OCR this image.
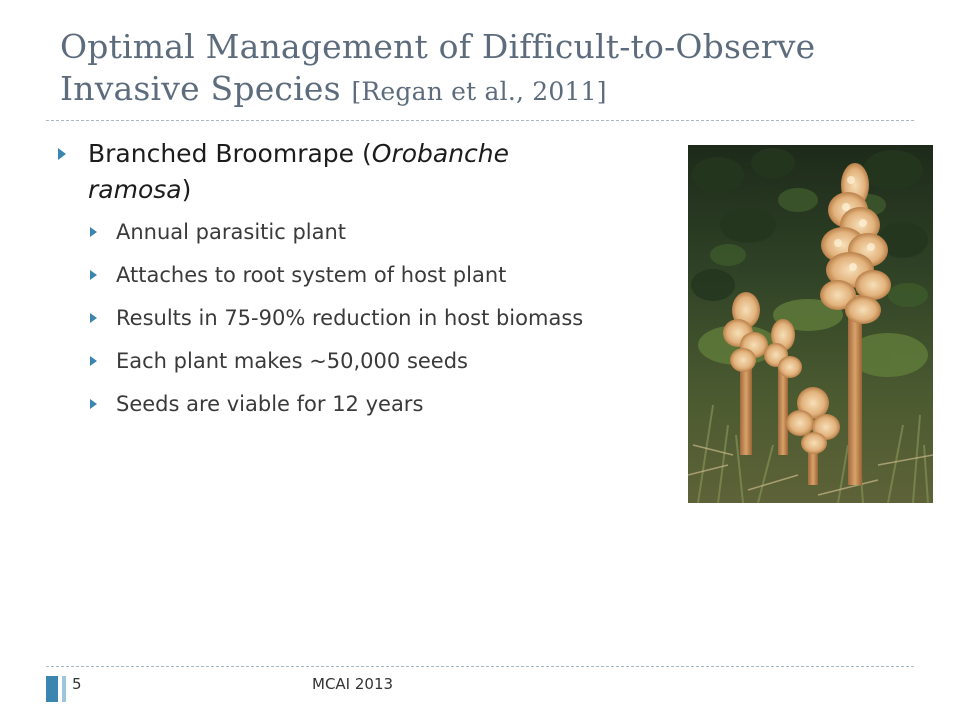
Optimal Management of Difficult-to-Observe Invasive Species [Regan et al., 2011]
Branched Broomrape (Orobanche ramosa)
Annual parasitic plant
Attaches to root system of host plant
Results in 75-90% reduction in host biomass
Each plant makes ~50,000 seeds
Seeds are viable for 12 years
5	MCAI 2013
